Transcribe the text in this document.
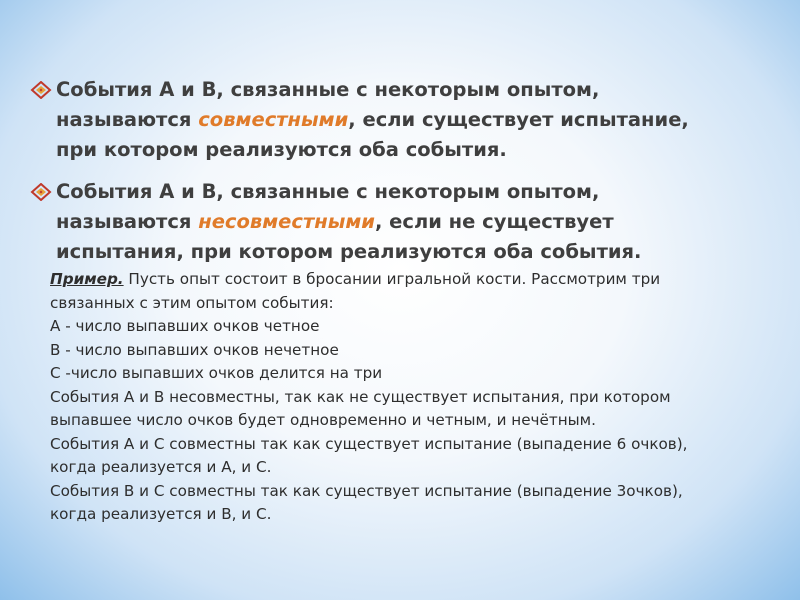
События А и В, связанные с некоторым опытом,
называются совместными, если существует испытание,
при котором реализуются оба события.
События А и В, связанные с некоторым опытом,
называются несовместными, если не существует
испытания, при котором реализуются оба события.
Пример. Пусть опыт состоит в бросании игральной кости. Рассмотрим три
связанных с этим опытом события:
А - число выпавших очков четное
В - число выпавших очков нечетное
С -число выпавших очков делится на три
События А и В несовместны, так как не существует испытания, при котором
выпавшее число очков будет одновременно и четным, и нечётным.
События А и С совместны так как существует испытание (выпадение 6 очков),
когда реализуется и А, и С.
События В и С совместны так как существует испытание (выпадение 3очков),
когда реализуется и В, и С.
